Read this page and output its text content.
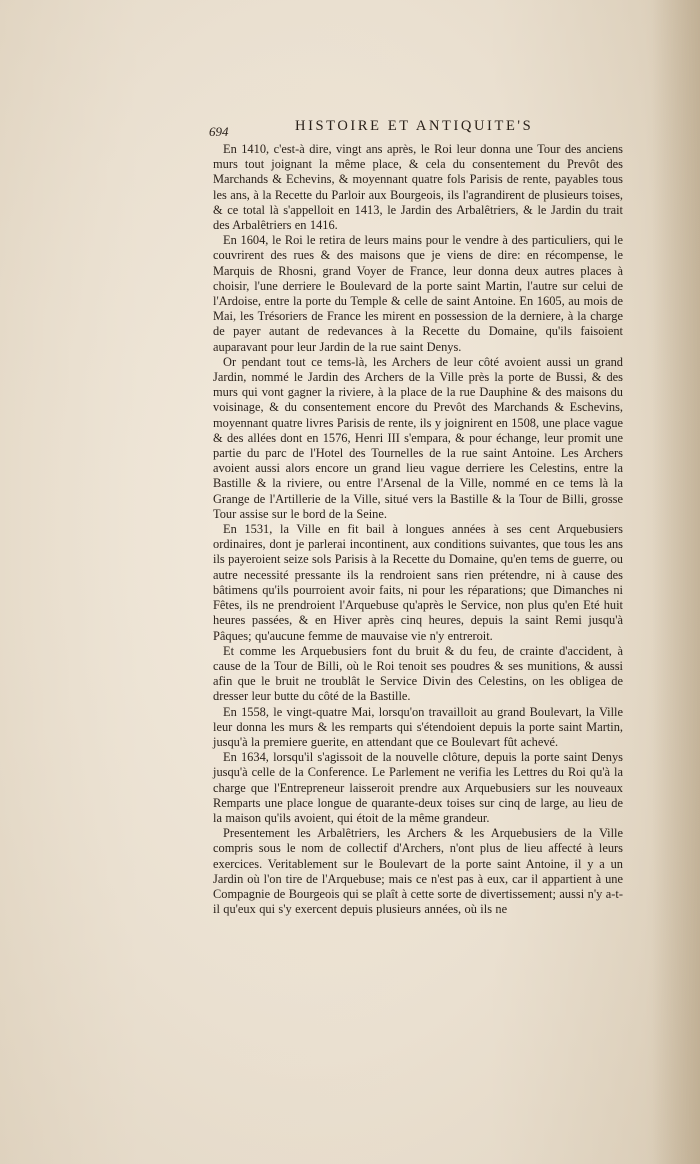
694	HISTOIRE ET ANTIQUITE'S

En 1410, c'est-à dire, vingt ans après, le Roi leur donna une Tour des anciens murs tout joignant la même place, & cela du consentement du Prevôt des Marchands & Echevins, & moyennant quatre fols Parisis de rente, payables tous les ans, à la Recette du Parloir aux Bourgeois, ils l'agrandirent de plusieurs toises, & ce total là s'appelloit en 1413, le Jardin des Arbalêtriers, & le Jardin du trait des Arbalêtriers en 1416.

En 1604, le Roi le retira de leurs mains pour le vendre à des particuliers, qui le couvrirent des rues & des maisons que je viens de dire: en récompense, le Marquis de Rhosni, grand Voyer de France, leur donna deux autres places à choisir, l'une derriere le Boulevard de la porte saint Martin, l'autre sur celui de l'Ardoise, entre la porte du Temple & celle de saint Antoine. En 1605, au mois de Mai, les Trésoriers de France les mirent en possession de la derniere, à la charge de payer autant de redevances à la Recette du Domaine, qu'ils faisoient auparavant pour leur Jardin de la rue saint Denys.

Or pendant tout ce tems-là, les Archers de leur côté avoient aussi un grand Jardin, nommé le Jardin des Archers de la Ville près la porte de Bussi, & des murs qui vont gagner la riviere, à la place de la rue Dauphine & des maisons du voisinage, & du consentement encore du Prevôt des Marchands & Eschevins, moyennant quatre livres Parisis de rente, ils y joignirent en 1508, une place vague & des allées dont en 1576, Henri III s'empara, & pour échange, leur promit une partie du parc de l'Hotel des Tournelles de la rue saint Antoine. Les Archers avoient aussi alors encore un grand lieu vague derriere les Celestins, entre la Bastille & la riviere, ou entre l'Arsenal de la Ville, nommé en ce tems là la Grange de l'Artillerie de la Ville, situé vers la Bastille & la Tour de Billi, grosse Tour assise sur le bord de la Seine.

En 1531, la Ville en fit bail à longues années à ses cent Arquebusiers ordinaires, dont je parlerai incontinent, aux conditions suivantes, que tous les ans ils payeroient seize sols Parisis à la Recette du Domaine, qu'en tems de guerre, ou autre necessité pressante ils la rendroient sans rien prétendre, ni à cause des bâtimens qu'ils pourroient avoir faits, ni pour les réparations; que Dimanches ni Fêtes, ils ne prendroient l'Arquebuse qu'après le Service, non plus qu'en Eté huit heures passées, & en Hiver après cinq heures, depuis la saint Remi jusqu'à Pâques; qu'aucune femme de mauvaise vie n'y entreroit.

Et comme les Arquebusiers font du bruit & du feu, de crainte d'accident, à cause de la Tour de Billi, où le Roi tenoit ses poudres & ses munitions, & aussi afin que le bruit ne troublât le Service Divin des Celestins, on les obligea de dresser leur butte du côté de la Bastille.

En 1558, le vingt-quatre Mai, lorsqu'on travailloit au grand Boulevart, la Ville leur donna les murs & les remparts qui s'étendoient depuis la porte saint Martin, jusqu'à la premiere guerite, en attendant que ce Boulevart fût achevé.

En 1634, lorsqu'il s'agissoit de la nouvelle clôture, depuis la porte saint Denys jusqu'à celle de la Conference. Le Parlement ne verifia les Lettres du Roi qu'à la charge que l'Entrepreneur laisseroit prendre aux Arquebusiers sur les nouveaux Remparts une place longue de quarante-deux toises sur cinq de large, au lieu de la maison qu'ils avoient, qui étoit de la même grandeur.

Presentement les Arbalêtriers, les Archers & les Arquebusiers de la Ville compris sous le nom de collectif d'Archers, n'ont plus de lieu affecté à leurs exercices. Veritablement sur le Boulevart de la porte saint Antoine, il y a un Jardin où l'on tire de l'Arquebuse; mais ce n'est pas à eux, car il appartient à une Compagnie de Bourgeois qui se plaît à cette sorte de divertissement; aussi n'y a-t-il qu'eux qui s'y exercent depuis plusieurs années, où ils ne
